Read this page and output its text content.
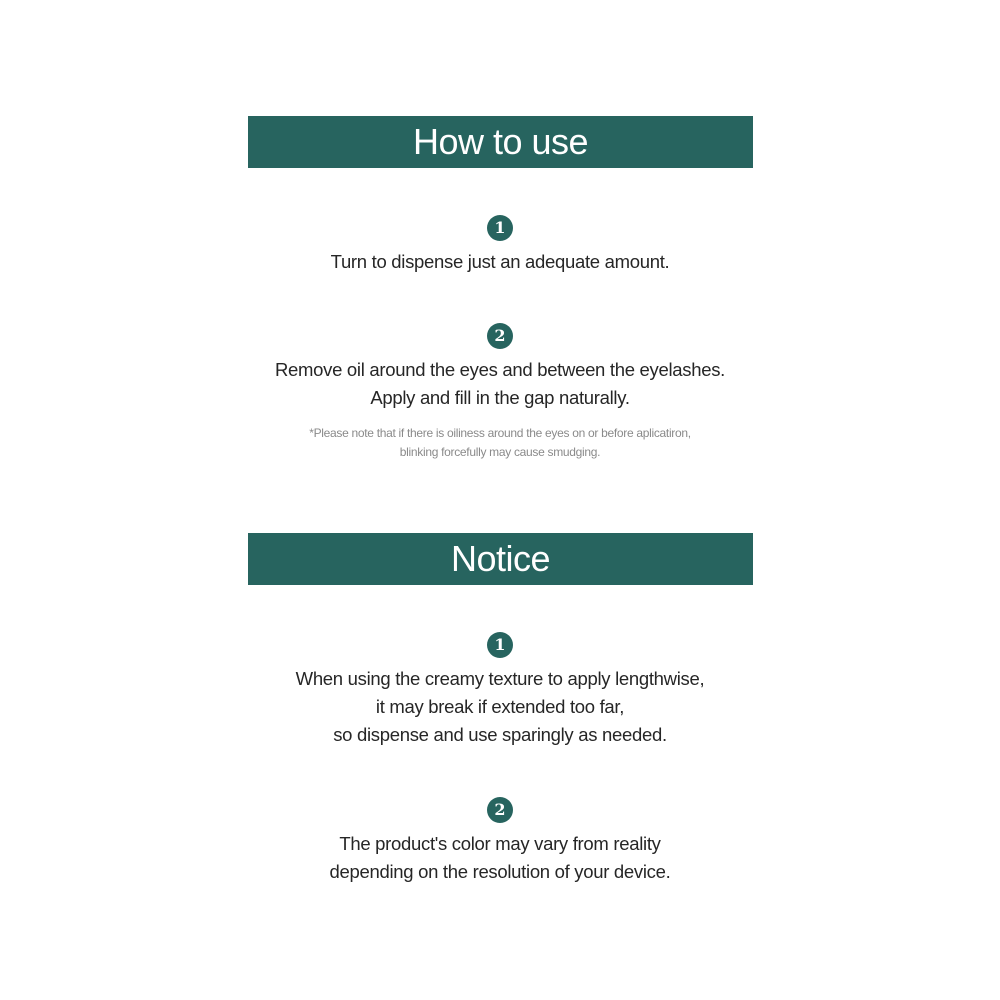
How to use
1
Turn to dispense just an adequate amount.
2
Remove oil around the eyes and between the eyelashes.
Apply and fill in the gap naturally.
*Please note that if there is oiliness around the eyes on or before aplicatiron,
blinking forcefully may cause smudging.
Notice
1
When using the creamy texture to apply lengthwise,
it may break if extended too far,
so dispense and use sparingly as needed.
2
The product's color may vary from reality
depending on the resolution of your device.
